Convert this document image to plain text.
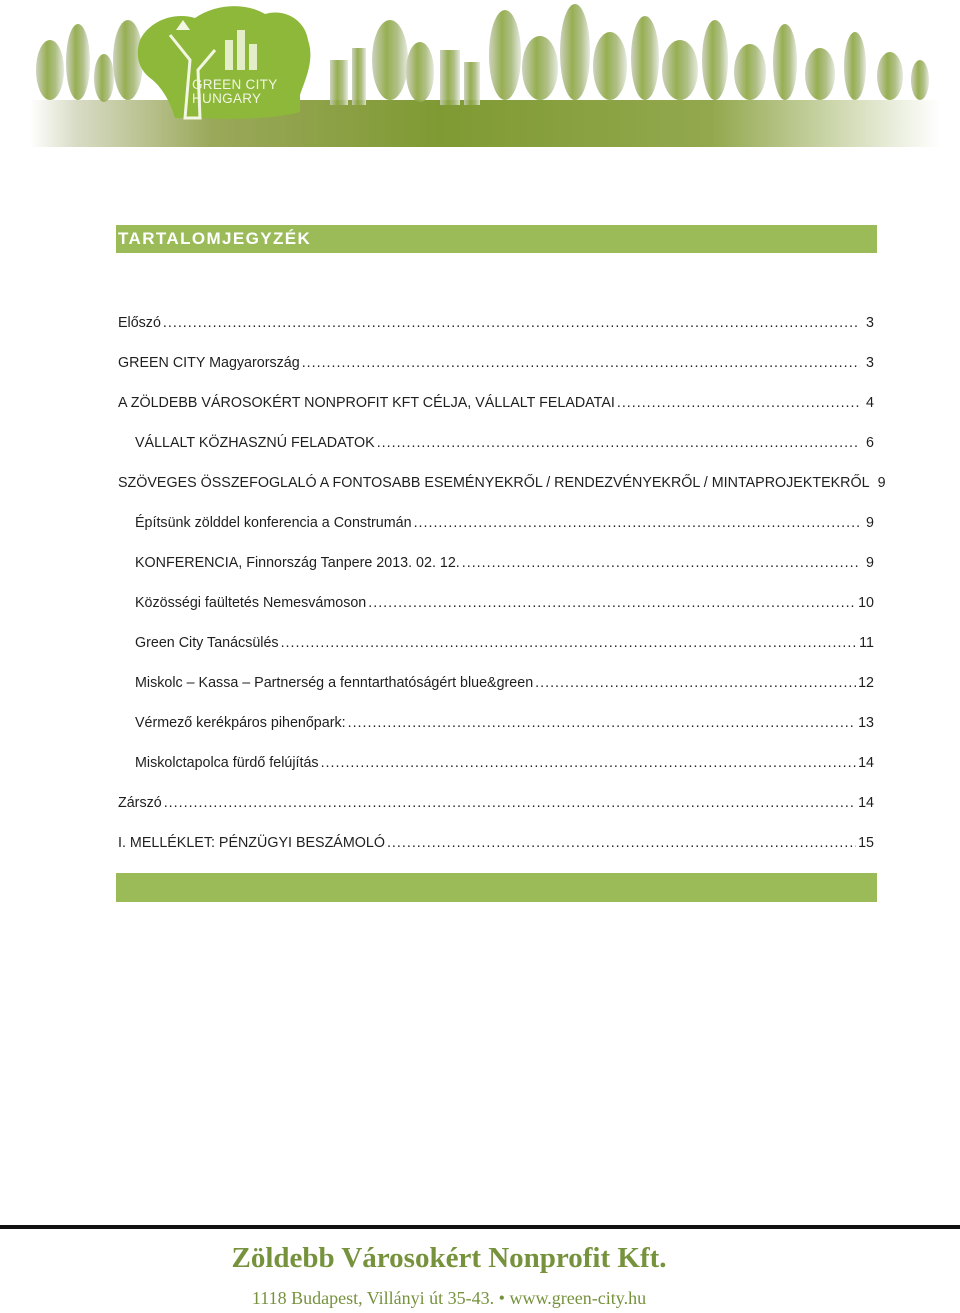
GREEN CITY
HUNGARY
TARTALOMJEGYZÉK
Előszó .....	3
GREEN CITY Magyarország .....	3
A ZÖLDEBB VÁROSOKÉRT NONPROFIT KFT CÉLJA, VÁLLALT FELADATAI .....	4
VÁLLALT KÖZHASZNÚ FELADATOK .....	6
SZÖVEGES ÖSSZEFOGLALÓ A FONTOSABB ESEMÉNYEKRŐL / RENDEZVÉNYEKRŐL / MINTAPROJEKTEKRŐL 9
Építsünk zölddel konferencia a Construmán .....	9
KONFERENCIA, Finnország Tanpere 2013. 02. 12. .....	9
Közösségi faültetés Nemesvámoson .....	10
Green City Tanácsülés .....	11
Miskolc – Kassa – Partnerség a fenntarthatóságért blue&green .....	12
Vérmező kerékpáros pihenőpark: .....	13
Miskolctapolca fürdő felújítás .....	14
Zárszó .....	14
I. MELLÉKLET: PÉNZÜGYI BESZÁMOLÓ .....	15
Zöldebb Városokért Nonprofit Kft.
1118 Budapest, Villányi út 35-43. • www.green-city.hu
